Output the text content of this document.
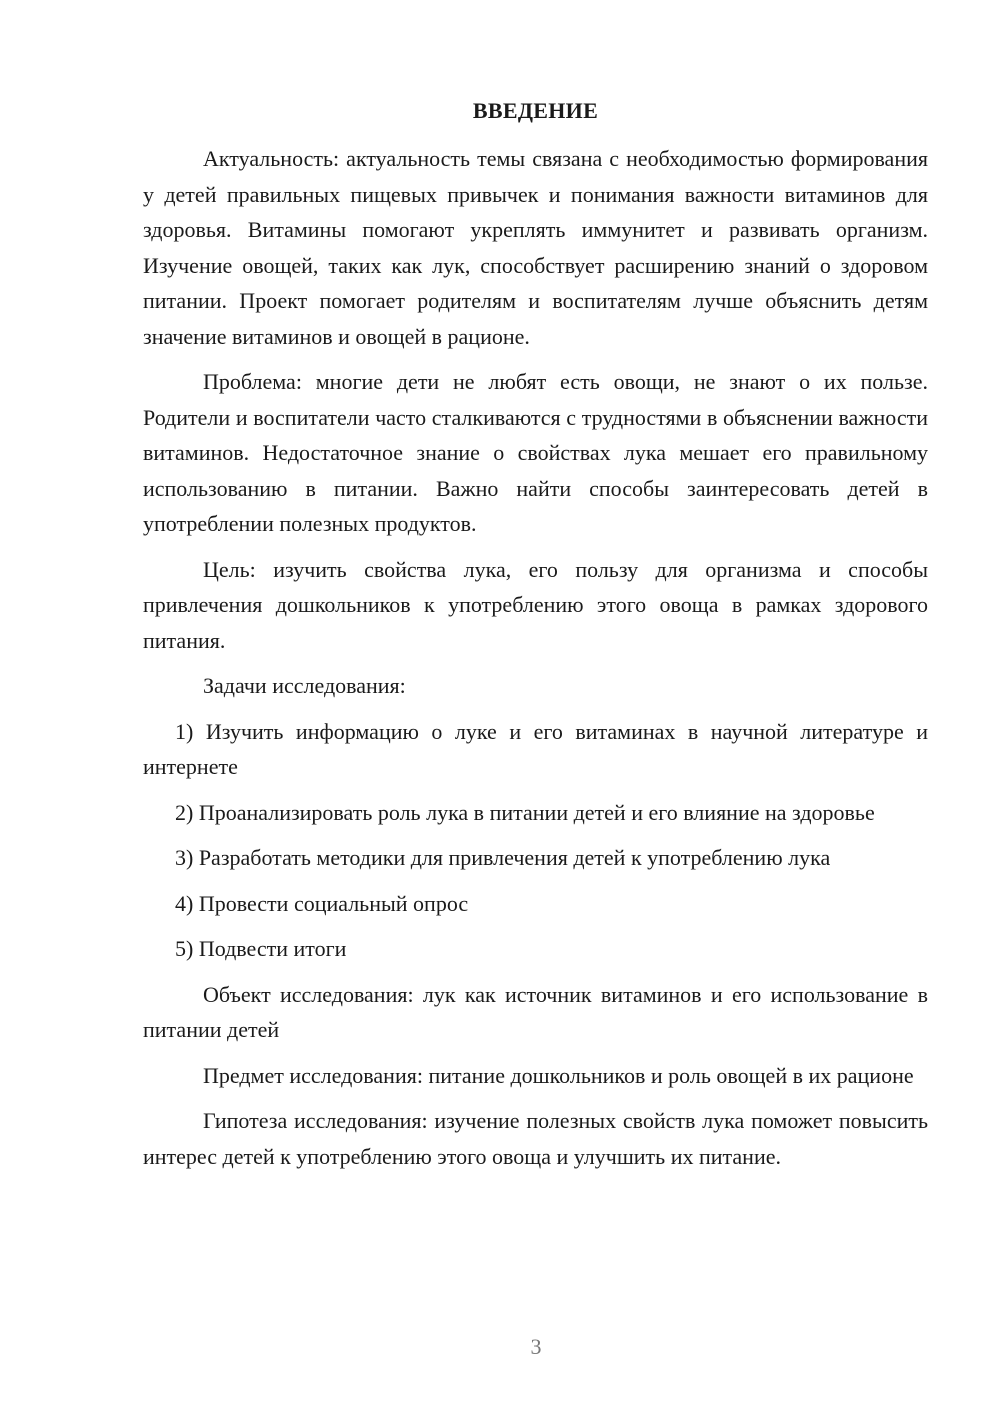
ВВЕДЕНИЕ

Актуальность: актуальность темы связана с необходимостью формирования у детей правильных пищевых привычек и понимания важности витаминов для здоровья. Витамины помогают укреплять иммунитет и развивать организм. Изучение овощей, таких как лук, способствует расширению знаний о здоровом питании. Проект помогает родителям и воспитателям лучше объяснить детям значение витаминов и овощей в рационе.

Проблема: многие дети не любят есть овощи, не знают о их пользе. Родители и воспитатели часто сталкиваются с трудностями в объяснении важности витаминов. Недостаточное знание о свойствах лука мешает его правильному использованию в питании. Важно найти способы заинтересовать детей в употреблении полезных продуктов.

Цель: изучить свойства лука, его пользу для организма и способы привлечения дошкольников к употреблению этого овоща в рамках здорового питания.

Задачи исследования:

1) Изучить информацию о луке и его витаминах в научной литературе и интернете

2) Проанализировать роль лука в питании детей и его влияние на здоровье

3) Разработать методики для привлечения детей к употреблению лука

4) Провести социальный опрос

5) Подвести итоги

Объект исследования: лук как источник витаминов и его использование в питании детей

Предмет исследования: питание дошкольников и роль овощей в их рационе

Гипотеза исследования: изучение полезных свойств лука поможет повысить интерес детей к употреблению этого овоща и улучшить их питание.

3
